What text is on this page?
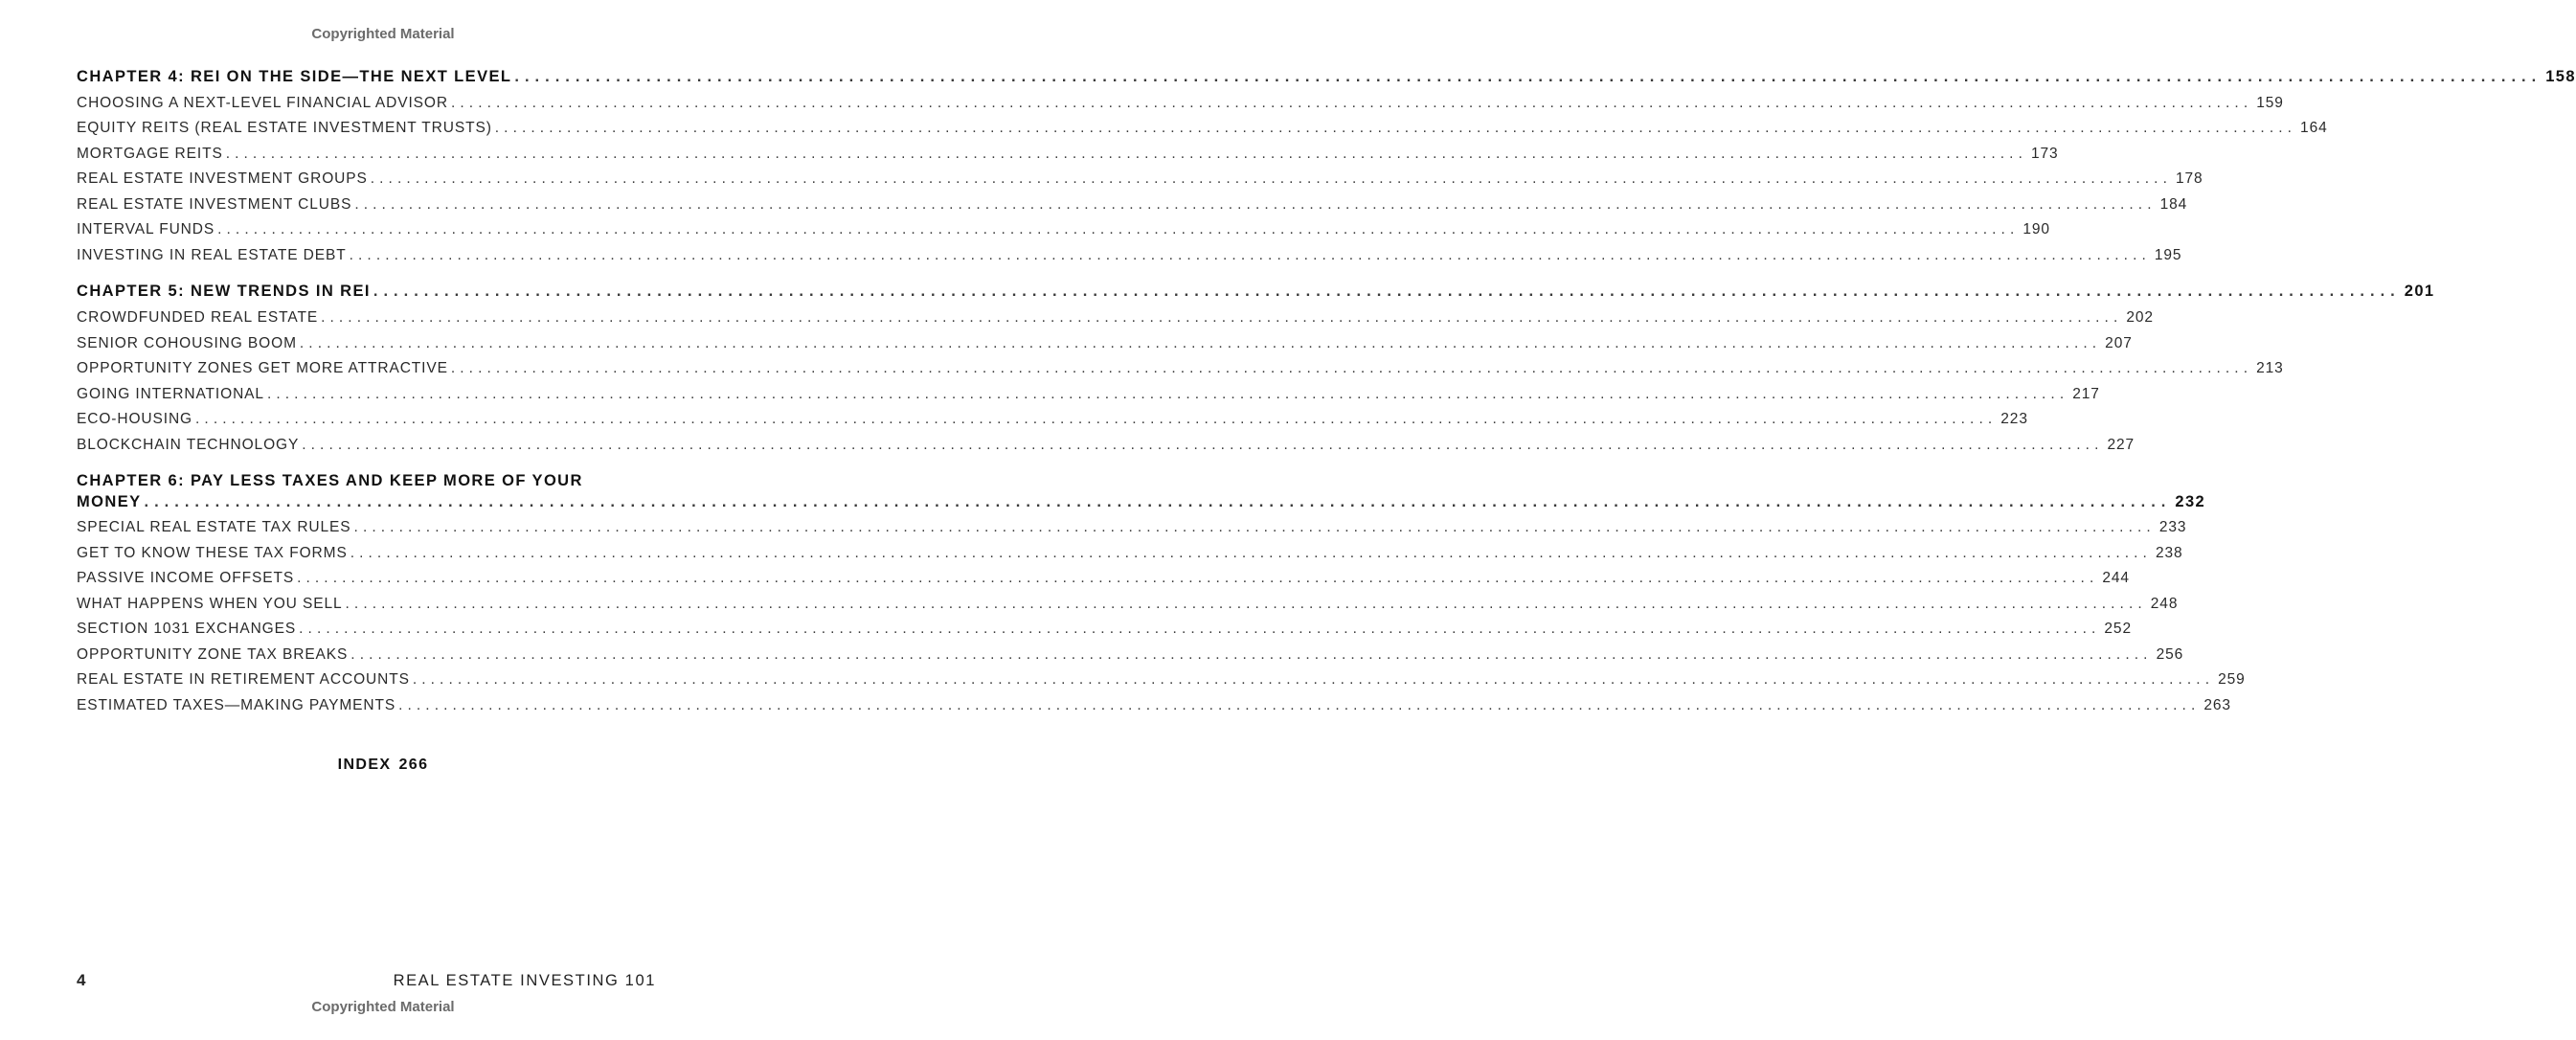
Copyrighted Material
CHAPTER 4: REI ON THE SIDE—THE NEXT LEVEL ........................................................................................................................................................................................................ 158
CHOOSING A NEXT-LEVEL FINANCIAL ADVISOR ........................................................................................................................................................................................................ 159
EQUITY REITS (REAL ESTATE INVESTMENT TRUSTS) ........................................................................................................................................................................................................ 164
MORTGAGE REITS ........................................................................................................................................................................................................ 173
REAL ESTATE INVESTMENT GROUPS ........................................................................................................................................................................................................ 178
REAL ESTATE INVESTMENT CLUBS ........................................................................................................................................................................................................ 184
INTERVAL FUNDS ........................................................................................................................................................................................................ 190
INVESTING IN REAL ESTATE DEBT ........................................................................................................................................................................................................ 195
CHAPTER 5: NEW TRENDS IN REI ........................................................................................................................................................................................................ 201
CROWDFUNDED REAL ESTATE ........................................................................................................................................................................................................ 202
SENIOR COHOUSING BOOM ........................................................................................................................................................................................................ 207
OPPORTUNITY ZONES GET MORE ATTRACTIVE ........................................................................................................................................................................................................ 213
GOING INTERNATIONAL ........................................................................................................................................................................................................ 217
ECO-HOUSING ........................................................................................................................................................................................................ 223
BLOCKCHAIN TECHNOLOGY ........................................................................................................................................................................................................ 227
CHAPTER 6: PAY LESS TAXES AND KEEP MORE OF YOUR
MONEY ........................................................................................................................................................................................................ 232
SPECIAL REAL ESTATE TAX RULES ........................................................................................................................................................................................................ 233
GET TO KNOW THESE TAX FORMS ........................................................................................................................................................................................................ 238
PASSIVE INCOME OFFSETS ........................................................................................................................................................................................................ 244
WHAT HAPPENS WHEN YOU SELL ........................................................................................................................................................................................................ 248
SECTION 1031 EXCHANGES ........................................................................................................................................................................................................ 252
OPPORTUNITY ZONE TAX BREAKS ........................................................................................................................................................................................................ 256
REAL ESTATE IN RETIREMENT ACCOUNTS ........................................................................................................................................................................................................ 259
ESTIMATED TAXES—MAKING PAYMENTS ........................................................................................................................................................................................................ 263
INDEX 266
4	REAL ESTATE INVESTING 101
Copyrighted Material
